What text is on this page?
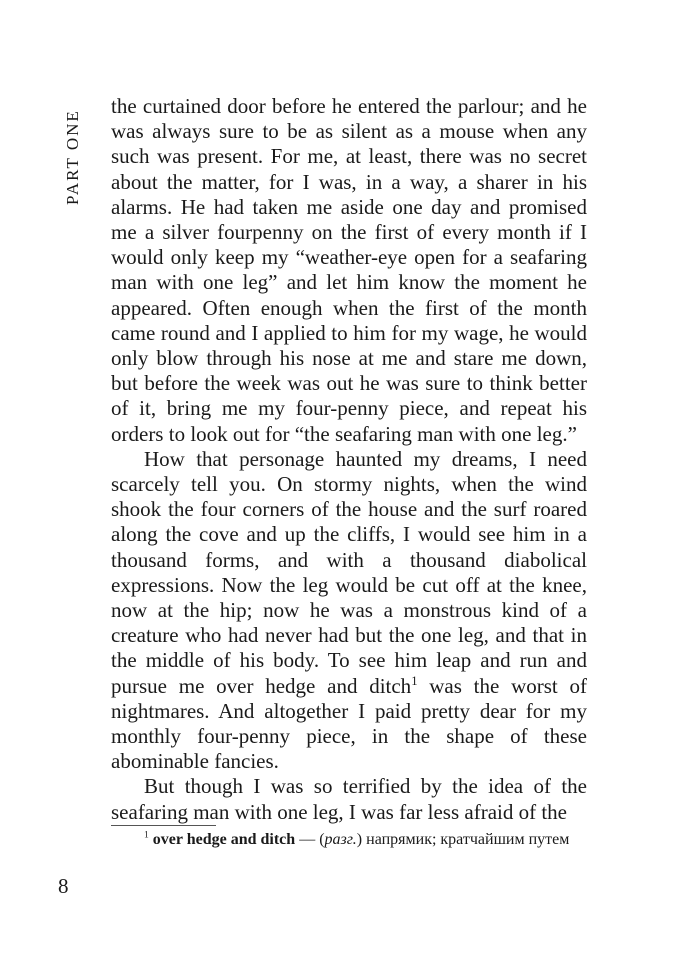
PART ONE

the curtained door before he entered the parlour; and he was always sure to be as silent as a mouse when any such was present. For me, at least, there was no secret about the matter, for I was, in a way, a sharer in his alarms. He had taken me aside one day and promised me a silver fourpenny on the first of every month if I would only keep my “weather-eye open for a seafaring man with one leg” and let him know the moment he appeared. Often enough when the first of the month came round and I applied to him for my wage, he would only blow through his nose at me and stare me down, but before the week was out he was sure to think better of it, bring me my four-penny piece, and repeat his orders to look out for “the seafaring man with one leg.”

How that personage haunted my dreams, I need scarcely tell you. On stormy nights, when the wind shook the four corners of the house and the surf roared along the cove and up the cliffs, I would see him in a thousand forms, and with a thousand diabolical expressions. Now the leg would be cut off at the knee, now at the hip; now he was a monstrous kind of a creature who had never had but the one leg, and that in the middle of his body. To see him leap and run and pursue me over hedge and ditch$^1$ was the worst of nightmares. And altogether I paid pretty dear for my monthly four-penny piece, in the shape of these abominable fancies.

But though I was so terrified by the idea of the seafaring man with one leg, I was far less afraid of the

$^1$ over hedge and ditch — (разг.) напрямик; кратчайшим путем

8
